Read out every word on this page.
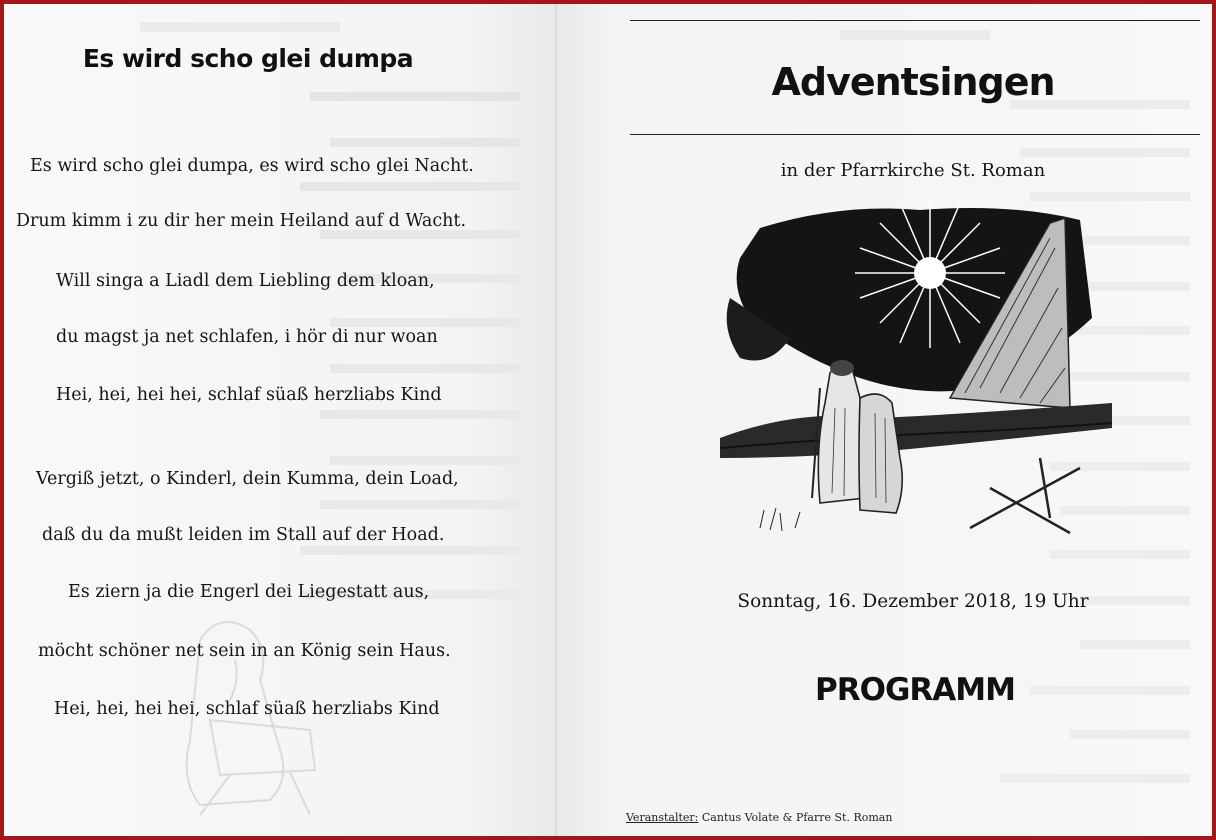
Es wird scho glei dumpa
Es wird scho glei dumpa, es wird scho glei Nacht.
Drum kimm i zu dir her mein Heiland auf d Wacht.
Will singa a Liadl dem Liebling dem kloan,
du magst ja net schlafen, i hör di nur woan
Hei, hei, hei hei, schlaf süaß herzliabs Kind
Vergiß jetzt, o Kinderl, dein Kumma, dein Load,
daß du da mußt leiden im Stall auf der Hoad.
Es ziern ja die Engerl dei Liegestatt aus,
möcht schöner net sein in an König sein Haus.
Hei, hei, hei hei, schlaf süaß herzliabs Kind
Adventsingen
in der Pfarrkirche St. Roman
Sonntag, 16. Dezember 2018, 19 Uhr
PROGRAMM
Veranstalter: Cantus Volate & Pfarre St. Roman
